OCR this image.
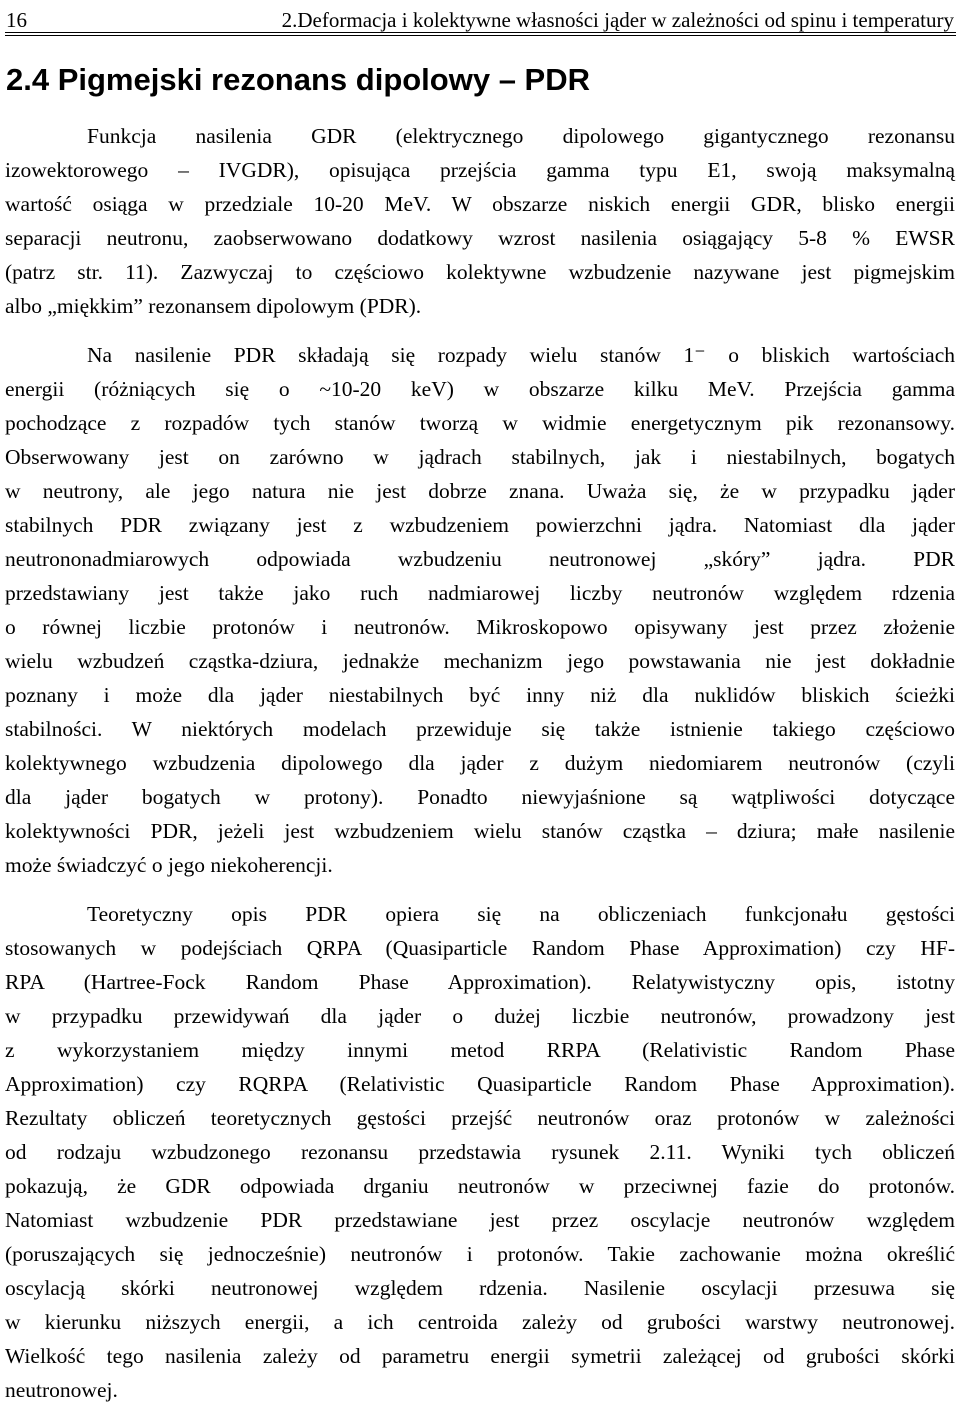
16	2.Deformacja i kolektywne własności jąder w zależności od spinu i temperatury
2.4 Pigmejski rezonans dipolowy – PDR
Funkcja nasilenia GDR (elektrycznego dipolowego gigantycznego rezonansu
izowektorowego – IVGDR), opisująca przejścia gamma typu E1, swoją maksymalną
wartość osiąga w przedziale 10-20 MeV. W obszarze niskich energii GDR, blisko energii
separacji neutronu, zaobserwowano dodatkowy wzrost nasilenia osiągający 5-8 % EWSR
(patrz str. 11). Zazwyczaj to częściowo kolektywne wzbudzenie nazywane jest pigmejskim
albo „miękkim” rezonansem dipolowym (PDR).
Na nasilenie PDR składają się rozpady wielu stanów 1⁻ o bliskich wartościach
energii (różniących się o ~10-20 keV) w obszarze kilku MeV. Przejścia gamma
pochodzące z rozpadów tych stanów tworzą w widmie energetycznym pik rezonansowy.
Obserwowany jest on zarówno w jądrach stabilnych, jak i niestabilnych, bogatych
w neutrony, ale jego natura nie jest dobrze znana. Uważa się, że w przypadku jąder
stabilnych PDR związany jest z wzbudzeniem powierzchni jądra. Natomiast dla jąder
neutrononadmiarowych odpowiada wzbudzeniu neutronowej „skóry” jądra. PDR
przedstawiany jest także jako ruch nadmiarowej liczby neutronów względem rdzenia
o równej liczbie protonów i neutronów. Mikroskopowo opisywany jest przez złożenie
wielu wzbudzeń cząstka-dziura, jednakże mechanizm jego powstawania nie jest dokładnie
poznany i może dla jąder niestabilnych być inny niż dla nuklidów bliskich ścieżki
stabilności. W niektórych modelach przewiduje się także istnienie takiego częściowo
kolektywnego wzbudzenia dipolowego dla jąder z dużym niedomiarem neutronów (czyli
dla jąder bogatych w protony). Ponadto niewyjaśnione są wątpliwości dotyczące
kolektywności PDR, jeżeli jest wzbudzeniem wielu stanów cząstka – dziura; małe nasilenie
może świadczyć o jego niekoherencji.
Teoretyczny opis PDR opiera się na obliczeniach funkcjonału gęstości
stosowanych w podejściach QRPA (Quasiparticle Random Phase Approximation) czy HF-
RPA (Hartree-Fock Random Phase Approximation). Relatywistyczny opis, istotny
w przypadku przewidywań dla jąder o dużej liczbie neutronów, prowadzony jest
z wykorzystaniem między innymi metod RRPA (Relativistic Random Phase
Approximation) czy RQRPA (Relativistic Quasiparticle Random Phase Approximation).
Rezultaty obliczeń teoretycznych gęstości przejść neutronów oraz protonów w zależności
od rodzaju wzbudzonego rezonansu przedstawia rysunek 2.11. Wyniki tych obliczeń
pokazują, że GDR odpowiada drganiu neutronów w przeciwnej fazie do protonów.
Natomiast wzbudzenie PDR przedstawiane jest przez oscylacje neutronów względem
(poruszających się jednocześnie) neutronów i protonów. Takie zachowanie można określić
oscylacją skórki neutronowej względem rdzenia. Nasilenie oscylacji przesuwa się
w kierunku niższych energii, a ich centroida zależy od grubości warstwy neutronowej.
Wielkość tego nasilenia zależy od parametru energii symetrii zależącej od grubości skórki
neutronowej.
